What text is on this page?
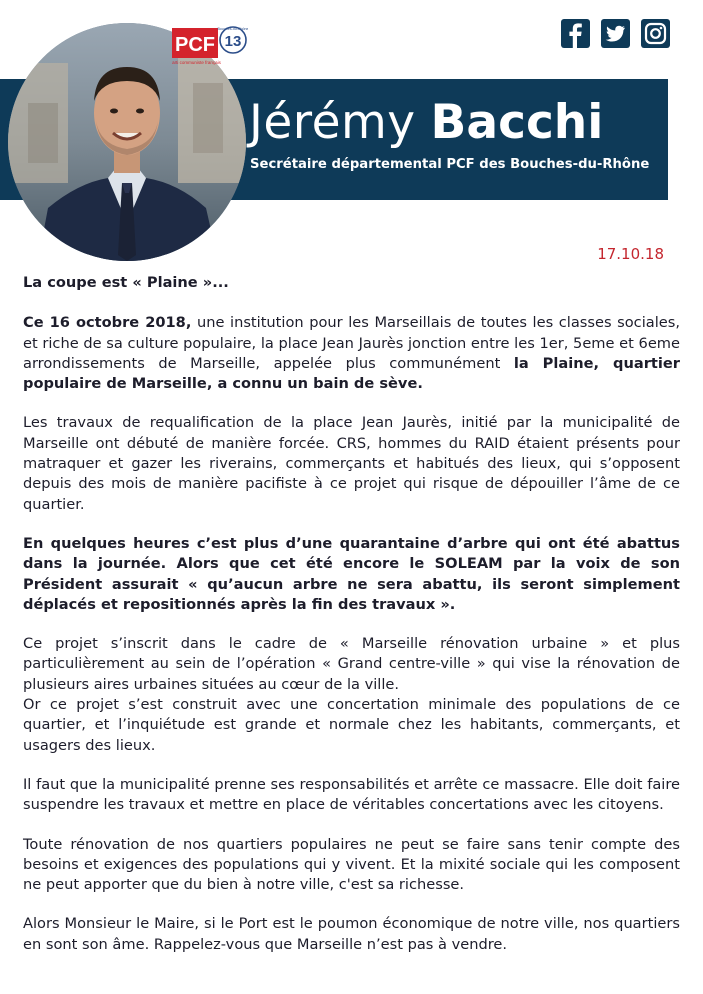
PCF
Parti communiste français
13
Bouches-du-Rhône
Jérémy Bacchi
Secrétaire départemental PCF des Bouches-du-Rhône
17.10.18

La coupe est « Plaine »...

Ce 16 octobre 2018, une institution pour les Marseillais de toutes les classes sociales, et riche de sa culture populaire, la place Jean Jaurès jonction entre les 1er, 5eme et 6eme arrondissements de Marseille, appelée plus communément la Plaine, quartier populaire de Marseille, a connu un bain de sève.

Les travaux de requalification de la place Jean Jaurès, initié par la municipalité de Marseille ont débuté de manière forcée. CRS, hommes du RAID étaient présents pour matraquer et gazer les riverains, commerçants et habitués des lieux, qui s’opposent depuis des mois de manière pacifiste à ce projet qui risque de dépouiller l’âme de ce quartier.

En quelques heures c’est plus d’une quarantaine d’arbre qui ont été abattus dans la journée. Alors que cet été encore le SOLEAM par la voix de son Président assurait « qu’aucun arbre ne sera abattu, ils seront simplement déplacés et repositionnés après la fin des travaux ».

Ce projet s’inscrit dans le cadre de « Marseille rénovation urbaine » et plus particulièrement au sein de l’opération « Grand centre-ville » qui vise la rénovation de plusieurs aires urbaines situées au cœur de la ville.

Or ce projet s’est construit avec une concertation minimale des populations de ce quartier, et l’inquiétude est grande et normale chez les habitants, commerçants, et usagers des lieux.

Il faut que la municipalité prenne ses responsabilités et arrête ce massacre. Elle doit faire suspendre les travaux et mettre en place de véritables concertations avec les citoyens.

Toute rénovation de nos quartiers populaires ne peut se faire sans tenir compte des besoins et exigences des populations qui y vivent. Et la mixité sociale qui les composent ne peut apporter que du bien à notre ville, c'est sa richesse.

Alors Monsieur le Maire, si le Port est le poumon économique de notre ville, nos quartiers en sont son âme. Rappelez-vous que Marseille n’est pas à vendre.
